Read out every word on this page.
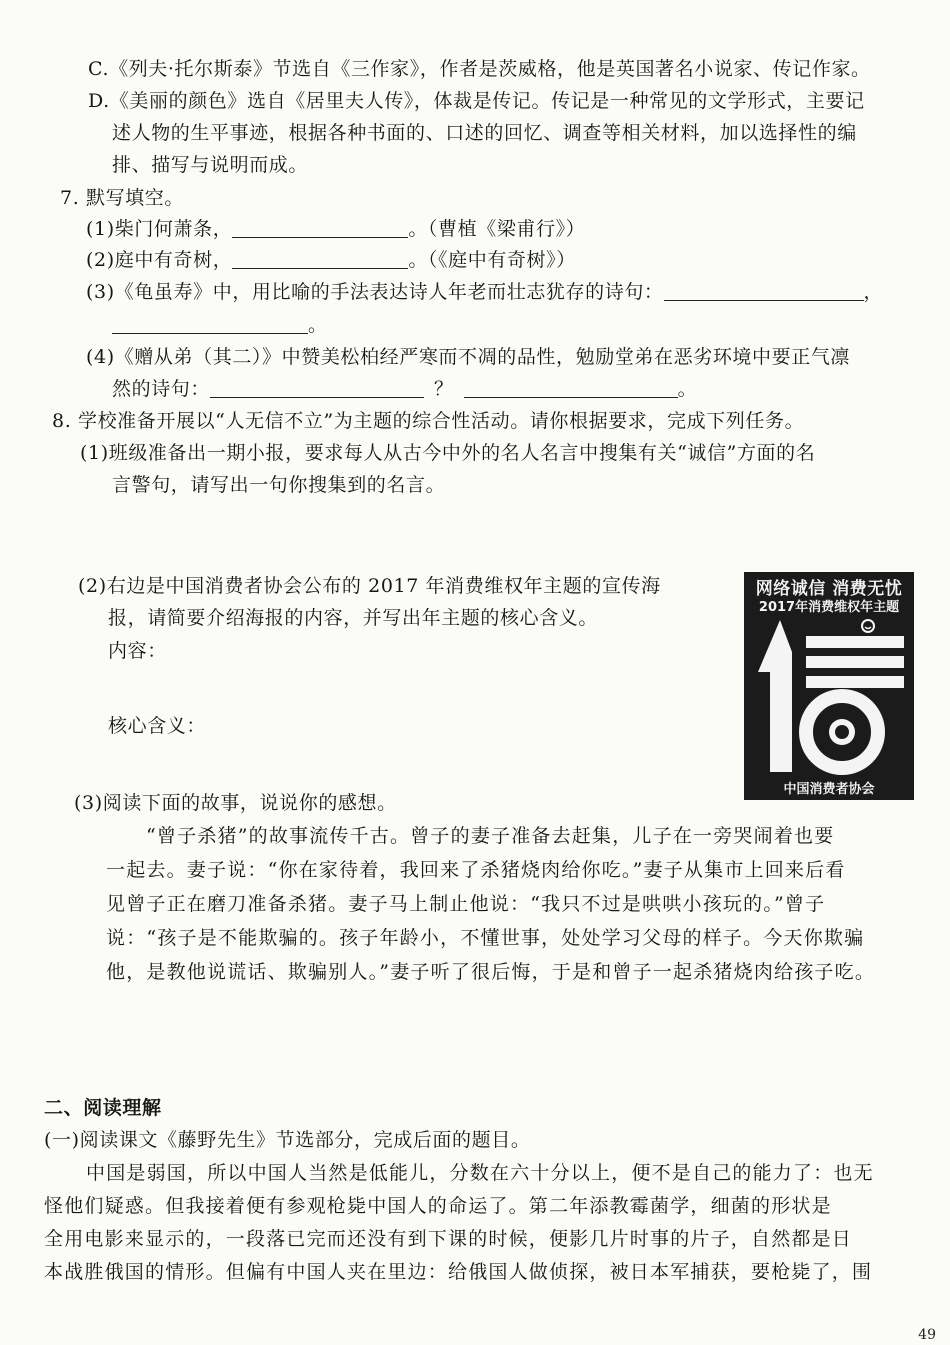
C.《列夫·托尔斯泰》节选自《三作家》，作者是茨威格，他是英国著名小说家、传记作家。
D.《美丽的颜色》选自《居里夫人传》，体裁是传记。传记是一种常见的文学形式，主要记
述人物的生平事迹，根据各种书面的、口述的回忆、调查等相关材料，加以选择性的编
排、描写与说明而成。
7. 默写填空。
(1)柴门何萧条，	。（曹植《梁甫行》）
(2)庭中有奇树，	。（《庭中有奇树》）
(3)《龟虽寿》中，用比喻的手法表达诗人年老而壮志犹存的诗句：	，
。
(4)《赠从弟（其二）》中赞美松柏经严寒而不凋的品性，勉励堂弟在恶劣环境中要正气凛
然的诗句：	？	。
8. 学校准备开展以“人无信不立”为主题的综合性活动。请你根据要求，完成下列任务。
(1)班级准备出一期小报，要求每人从古今中外的名人名言中搜集有关“诚信”方面的名
言警句，请写出一句你搜集到的名言。
(2)右边是中国消费者协会公布的 2017 年消费维权年主题的宣传海
报，请简要介绍海报的内容，并写出年主题的核心含义。
内容：
核心含义：
网络诚信 消费无忧
2017年消费维权年主题
中国消费者协会
(3)阅读下面的故事，说说你的感想。
“曾子杀猪”的故事流传千古。曾子的妻子准备去赶集，儿子在一旁哭闹着也要
一起去。妻子说：“你在家待着，我回来了杀猪烧肉给你吃。”妻子从集市上回来后看
见曾子正在磨刀准备杀猪。妻子马上制止他说：“我只不过是哄哄小孩玩的。”曾子
说：“孩子是不能欺骗的。孩子年龄小，不懂世事，处处学习父母的样子。今天你欺骗
他，是教他说谎话、欺骗别人。”妻子听了很后悔，于是和曾子一起杀猪烧肉给孩子吃。
二、阅读理解
(一)阅读课文《藤野先生》节选部分，完成后面的题目。
中国是弱国，所以中国人当然是低能儿，分数在六十分以上，便不是自己的能力了：也无
怪他们疑惑。但我接着便有参观枪毙中国人的命运了。第二年添教霉菌学，细菌的形状是
全用电影来显示的，一段落已完而还没有到下课的时候，便影几片时事的片子，自然都是日
本战胜俄国的情形。但偏有中国人夹在里边：给俄国人做侦探，被日本军捕获，要枪毙了，围
49
